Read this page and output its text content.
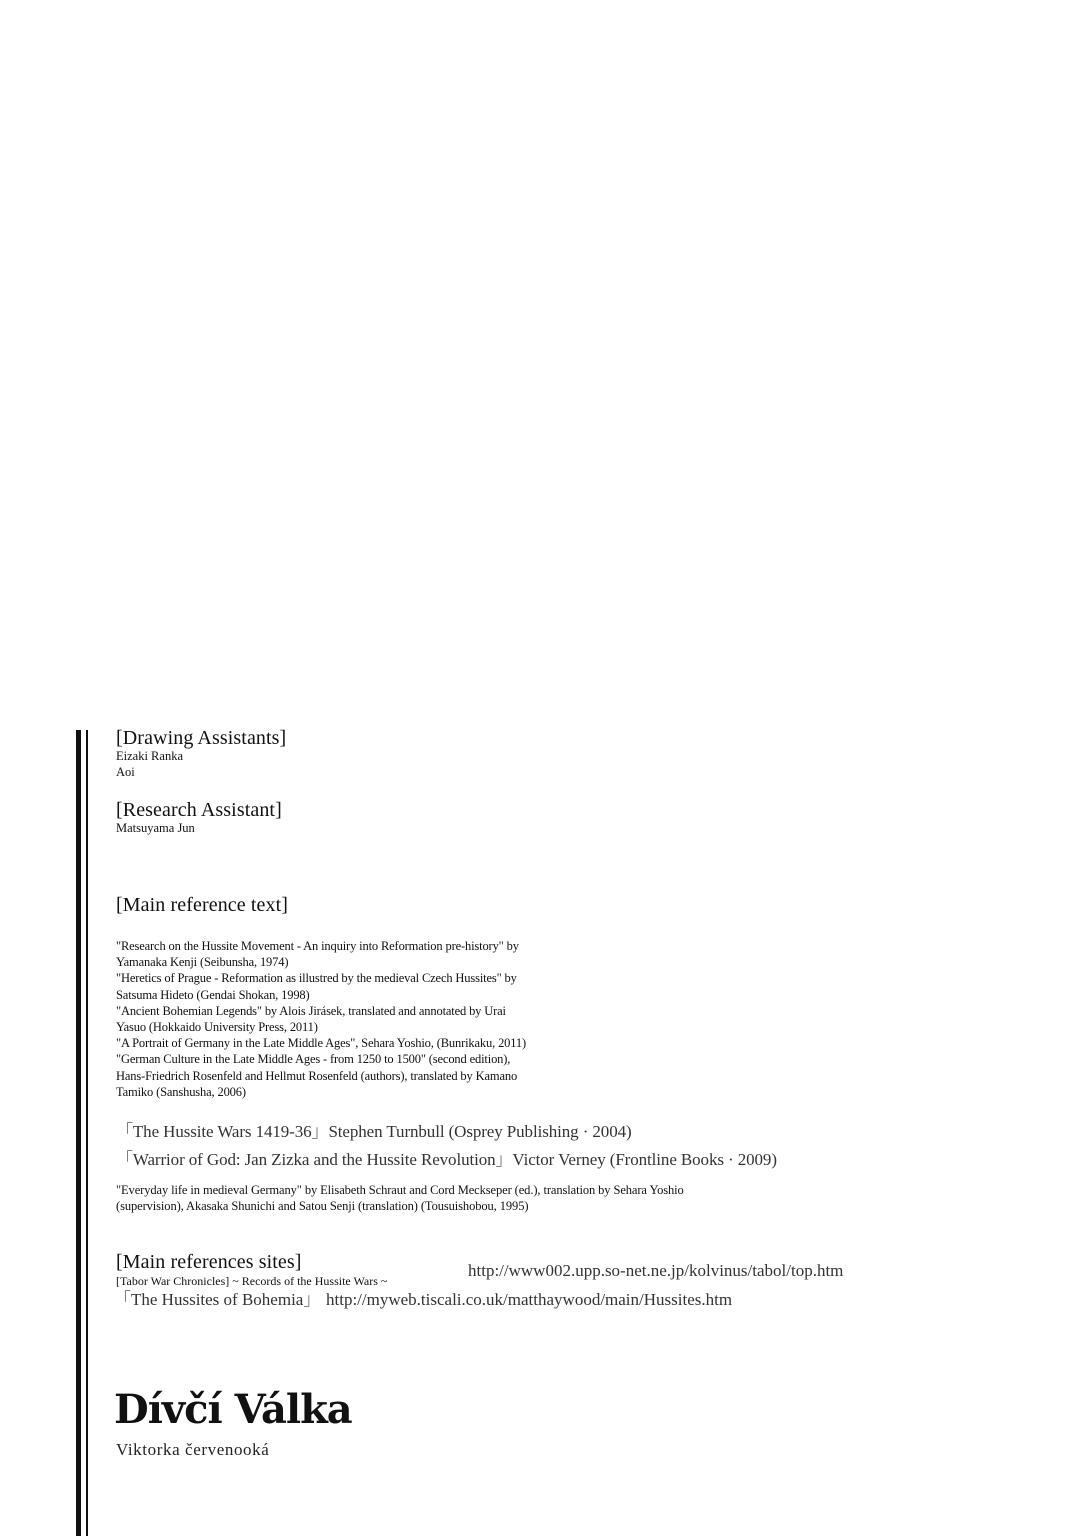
[Drawing Assistants]
Eizaki Ranka
Aoi
[Research Assistant]
Matsuyama Jun
[Main reference text]
"Research on the Hussite Movement - An inquiry into Reformation pre-history" by
Yamanaka Kenji (Seibunsha, 1974)
"Heretics of Prague - Reformation as illustred by the medieval Czech Hussites" by
Satsuma Hideto (Gendai Shokan, 1998)
"Ancient Bohemian Legends" by Alois Jirásek, translated and annotated by Urai
Yasuo (Hokkaido University Press, 2011)
"A Portrait of Germany in the Late Middle Ages", Sehara Yoshio, (Bunrikaku, 2011)
"German Culture in the Late Middle Ages - from 1250 to 1500" (second edition),
Hans-Friedrich Rosenfeld and Hellmut Rosenfeld (authors), translated by Kamano
Tamiko (Sanshusha, 2006)
「The Hussite Wars 1419-36」Stephen Turnbull (Osprey Publishing · 2004)
「Warrior of God: Jan Zizka and the Hussite Revolution」Victor Verney (Frontline Books · 2009)
"Everyday life in medieval Germany" by Elisabeth Schraut and Cord Meckseper (ed.), translation by Sehara Yoshio
(supervision), Akasaka Shunichi and Satou Senji (translation) (Tousuishobou, 1995)
[Main references sites]
[Tabor War Chronicles] ~ Records of the Hussite Wars ~
http://www002.upp.so-net.ne.jp/kolvinus/tabol/top.htm
「The Hussites of Bohemia」 http://myweb.tiscali.co.uk/matthaywood/main/Hussites.htm
Dívčí Válka
Viktorka červenooká
